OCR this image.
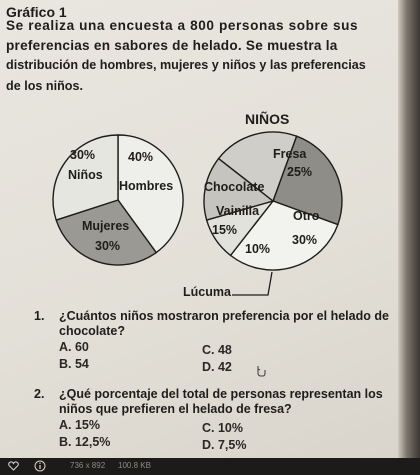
Gráfico 1
Se realiza una encuesta a 800 personas sobre sus
preferencias en sabores de helado. Se muestra la
distribución de hombres, mujeres y niños y las preferencias
de los niños.
30%
Niños
40%
Hombres
Mujeres
30%
NIÑOS
Fresa
25%
Chocolate
Vainilla
15%
Otro
30%
10%
Lúcuma
1. ¿Cuántos niños mostraron preferencia por el helado de
chocolate?
A. 60	C. 48
B. 54	D. 42
2. ¿Qué porcentaje del total de personas representan los
niños que prefieren el helado de fresa?
A. 15%	C. 10%
B. 12,5%	D. 7,5%
736 x 892 100.8 KB
